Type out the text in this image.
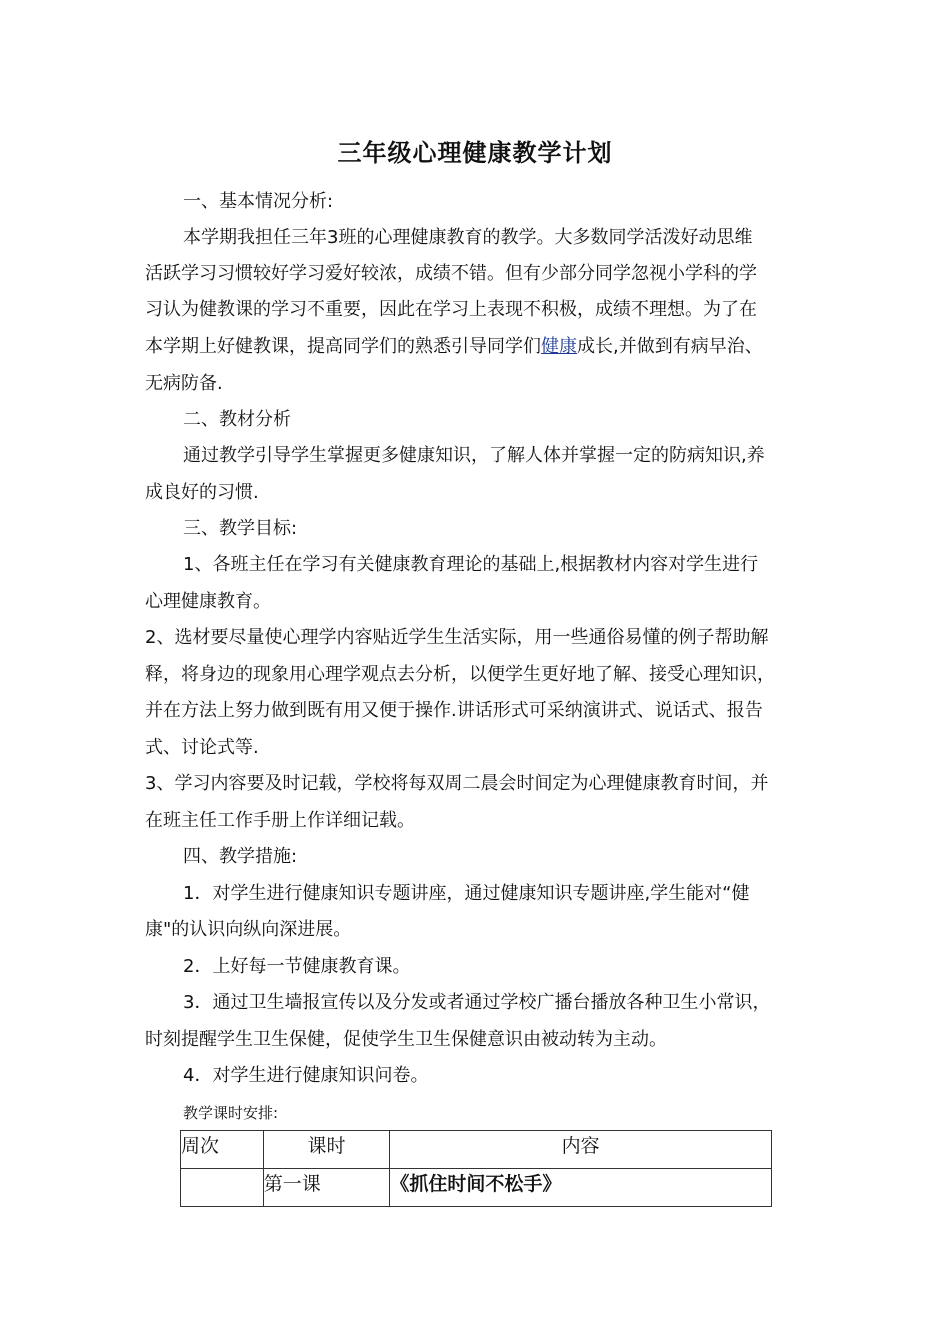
三年级心理健康教学计划
一、基本情况分析:
本学期我担任三年3班的心理健康教育的教学。大多数同学活泼好动思维
活跃学习习惯较好学习爱好较浓，成绩不错。但有少部分同学忽视小学科的学
习认为健教课的学习不重要，因此在学习上表现不积极，成绩不理想。为了在
本学期上好健教课，提高同学们的熟悉引导同学们健康成长,并做到有病早治、
无病防备.
二、教材分析
通过教学引导学生掌握更多健康知识，了解人体并掌握一定的防病知识,养
成良好的习惯.
三、教学目标:
1、各班主任在学习有关健康教育理论的基础上,根据教材内容对学生进行
心理健康教育。
2、选材要尽量使心理学内容贴近学生生活实际，用一些通俗易懂的例子帮助解
释，将身边的现象用心理学观点去分析，以便学生更好地了解、接受心理知识，
并在方法上努力做到既有用又便于操作.讲话形式可采纳演讲式、说话式、报告
式、讨论式等.
3、学习内容要及时记载，学校将每双周二晨会时间定为心理健康教育时间，并
在班主任工作手册上作详细记载。
四、教学措施:
1．对学生进行健康知识专题讲座，通过健康知识专题讲座,学生能对“健
康"的认识向纵向深进展。
2．上好每一节健康教育课。
3．通过卫生墙报宣传以及分发或者通过学校广播台播放各种卫生小常识，
时刻提醒学生卫生保健，促使学生卫生保健意识由被动转为主动。
4．对学生进行健康知识问卷。
教学课时安排:
周次	课时	内容
	第一课	《抓住时间不松手》
